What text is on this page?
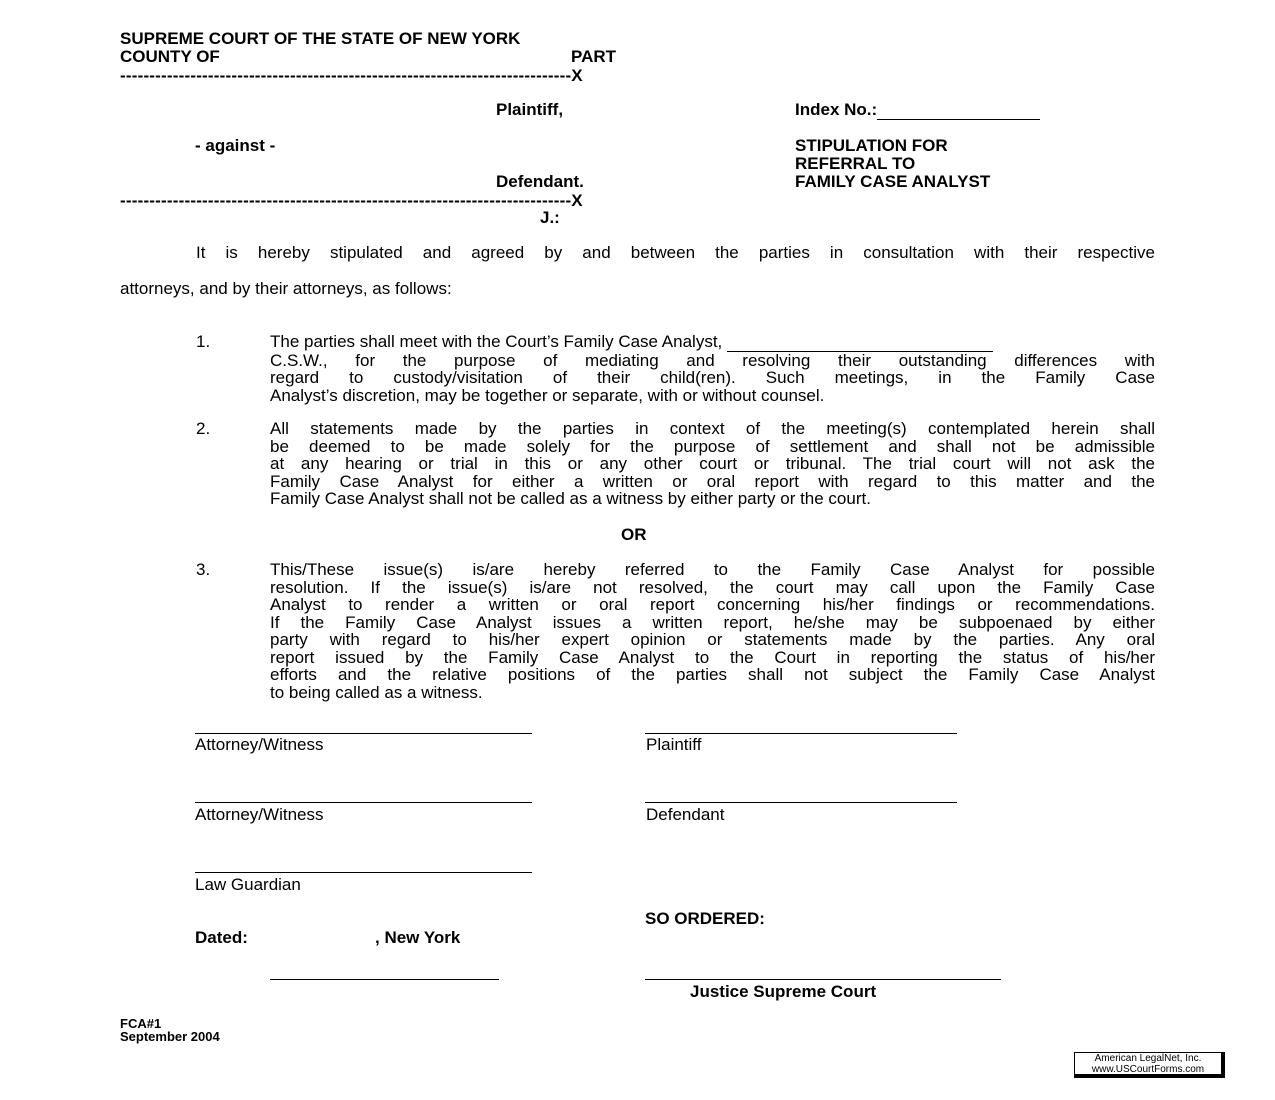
SUPREME COURT OF THE STATE OF NEW YORK
COUNTY OF	PART
-----------------------------------------------------------------------------X
Plaintiff,	Index No.:
- against -	STIPULATION FOR
REFERRAL TO
FAMILY CASE ANALYST
Defendant.
-----------------------------------------------------------------------------X
J.:
It is hereby stipulated and agreed by and between the parties in consultation with their respective
attorneys, and by their attorneys, as follows:
1.	The parties shall meet with the Court’s Family Case Analyst,
C.S.W., for the purpose of mediating and resolving their outstanding differences with
regard to custody/visitation of their child(ren). Such meetings, in the Family Case
Analyst’s discretion, may be together or separate, with or without counsel.
2.	All statements made by the parties in context of the meeting(s) contemplated herein shall
be deemed to be made solely for the purpose of settlement and shall not be admissible
at any hearing or trial in this or any other court or tribunal. The trial court will not ask the
Family Case Analyst for either a written or oral report with regard to this matter and the
Family Case Analyst shall not be called as a witness by either party or the court.
OR
3.	This/These issue(s) is/are hereby referred to the Family Case Analyst for possible
resolution. If the issue(s) is/are not resolved, the court may call upon the Family Case
Analyst to render a written or oral report concerning his/her findings or recommendations.
If the Family Case Analyst issues a written report, he/she may be subpoenaed by either
party with regard to his/her expert opinion or statements made by the parties. Any oral
report issued by the Family Case Analyst to the Court in reporting the status of his/her
efforts and the relative positions of the parties shall not subject the Family Case Analyst
to being called as a witness.
Attorney/Witness	Plaintiff
Attorney/Witness	Defendant
Law Guardian
SO ORDERED:
Dated:	, New York
Justice Supreme Court
FCA#1
September 2004
American LegalNet, Inc.
www.USCourtForms.com
